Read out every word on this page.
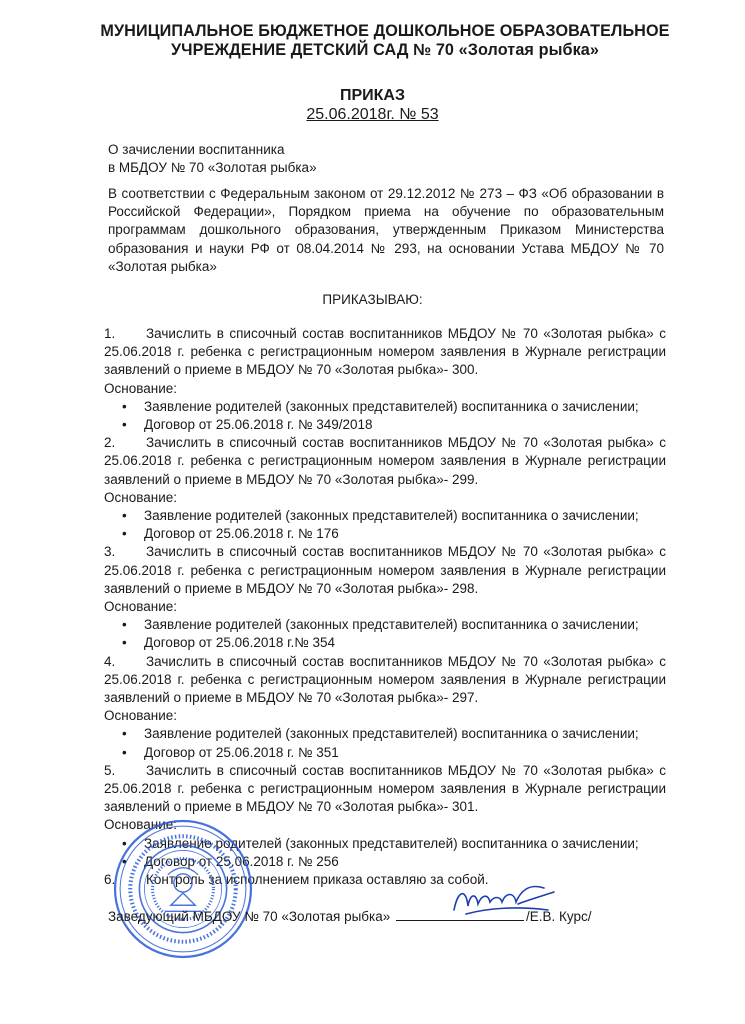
МУНИЦИПАЛЬНОЕ БЮДЖЕТНОЕ ДОШКОЛЬНОЕ ОБРАЗОВАТЕЛЬНОЕ
УЧРЕЖДЕНИЕ ДЕТСКИЙ САД № 70 «Золотая рыбка»
ПРИКАЗ
25.06.2018г. № 53
О зачислении воспитанника
в МБДОУ № 70 «Золотая рыбка»
В соответствии с Федеральным законом от 29.12.2012 № 273 – ФЗ «Об образовании в Российской Федерации», Порядком приема на обучение по образовательным программам дошкольного образования, утвержденным Приказом Министерства образования и науки РФ от 08.04.2014 № 293, на основании Устава МБДОУ № 70 «Золотая рыбка»
ПРИКАЗЫВАЮ:

1. Зачислить в списочный состав воспитанников МБДОУ № 70 «Золотая рыбка» с 25.06.2018 г. ребенка с регистрационным номером заявления в Журнале регистрации заявлений о приеме в МБДОУ № 70 «Золотая рыбка»- 300.

Основание:

• Заявление родителей (законных представителей) воспитанника о зачислении;
• Договор от 25.06.2018 г. № 349/2018

2. Зачислить в списочный состав воспитанников МБДОУ № 70 «Золотая рыбка» с 25.06.2018 г. ребенка с регистрационным номером заявления в Журнале регистрации заявлений о приеме в МБДОУ № 70 «Золотая рыбка»- 299.

Основание:

• Заявление родителей (законных представителей) воспитанника о зачислении;
• Договор от 25.06.2018 г. № 176

3. Зачислить в списочный состав воспитанников МБДОУ № 70 «Золотая рыбка» с 25.06.2018 г. ребенка с регистрационным номером заявления в Журнале регистрации заявлений о приеме в МБДОУ № 70 «Золотая рыбка»- 298.

Основание:

• Заявление родителей (законных представителей) воспитанника о зачислении;
• Договор от 25.06.2018 г.№ 354

4. Зачислить в списочный состав воспитанников МБДОУ № 70 «Золотая рыбка» с 25.06.2018 г. ребенка с регистрационным номером заявления в Журнале регистрации заявлений о приеме в МБДОУ № 70 «Золотая рыбка»- 297.

Основание:

• Заявление родителей (законных представителей) воспитанника о зачислении;
• Договор от 25.06.2018 г. № 351

5. Зачислить в списочный состав воспитанников МБДОУ № 70 «Золотая рыбка» с 25.06.2018 г. ребенка с регистрационным номером заявления в Журнале регистрации заявлений о приеме в МБДОУ № 70 «Золотая рыбка»- 301.

Основание:

• Заявление родителей (законных представителей) воспитанника о зачислении;
• Договор от 25.06.2018 г. № 256

6. Контроль за исполнением приказа оставляю за собой.

Заведующий МБДОУ № 70 «Золотая рыбка»	/Е.В. Курс/
